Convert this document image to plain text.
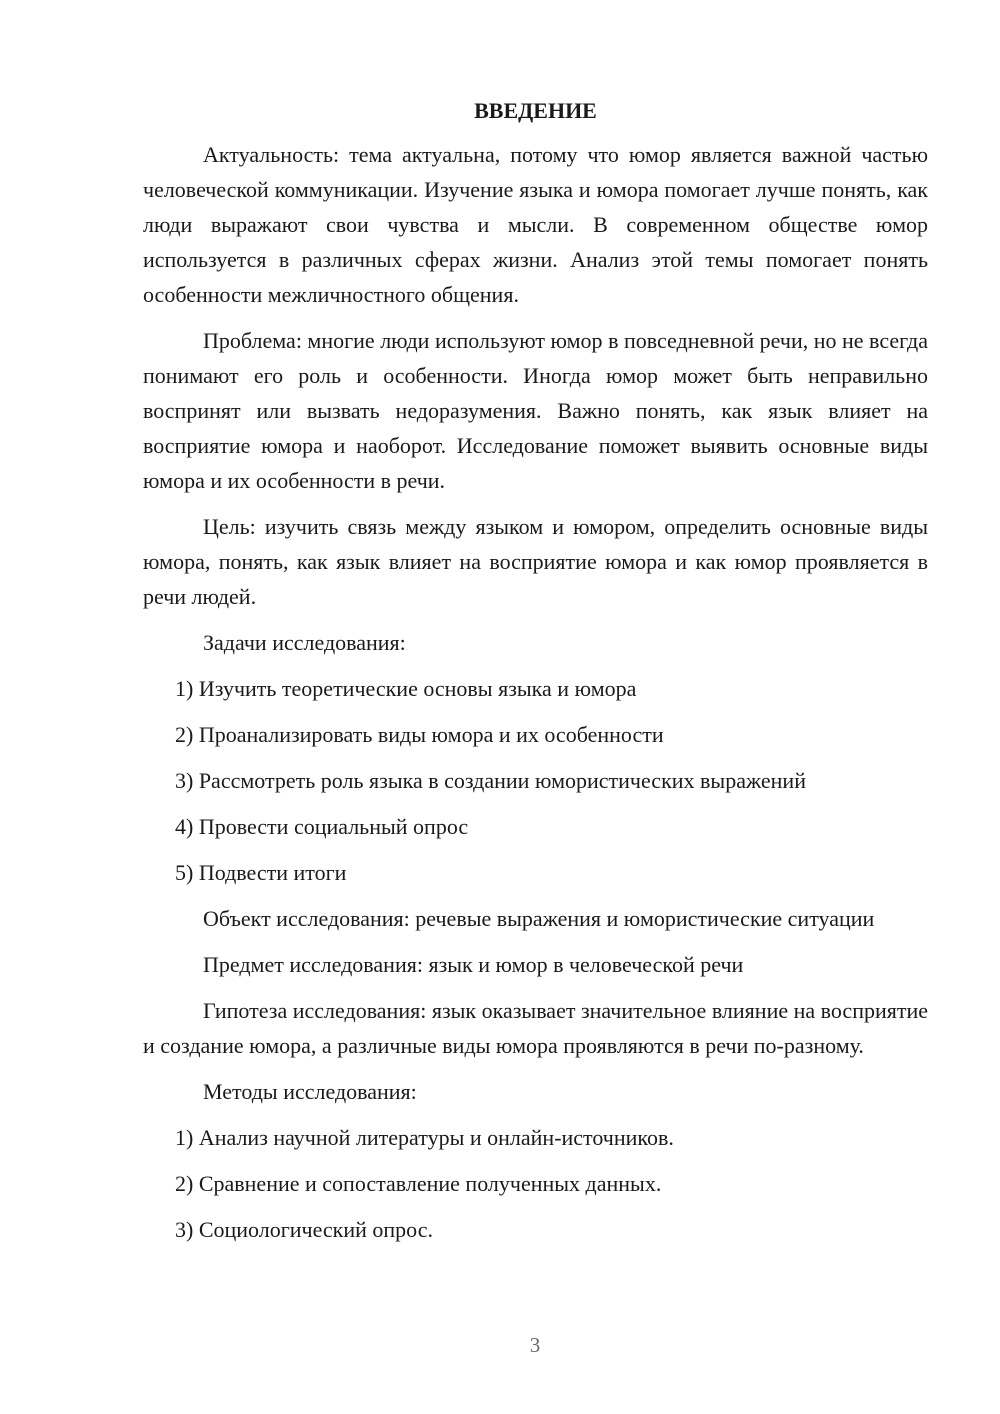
ВВЕДЕНИЕ

Актуальность: тема актуальна, потому что юмор является важной частью человеческой коммуникации. Изучение языка и юмора помогает лучше понять, как люди выражают свои чувства и мысли. В современном обществе юмор используется в различных сферах жизни. Анализ этой темы помогает понять особенности межличностного общения.

Проблема: многие люди используют юмор в повседневной речи, но не всегда понимают его роль и особенности. Иногда юмор может быть неправильно воспринят или вызвать недоразумения. Важно понять, как язык влияет на восприятие юмора и наоборот. Исследование поможет выявить основные виды юмора и их особенности в речи.

Цель: изучить связь между языком и юмором, определить основные виды юмора, понять, как язык влияет на восприятие юмора и как юмор проявляется в речи людей.

Задачи исследования:
1) Изучить теоретические основы языка и юмора
2) Проанализировать виды юмора и их особенности
3) Рассмотреть роль языка в создании юмористических выражений
4) Провести социальный опрос
5) Подвести итоги

Объект исследования: речевые выражения и юмористические ситуации

Предмет исследования: язык и юмор в человеческой речи

Гипотеза исследования: язык оказывает значительное влияние на восприятие и создание юмора, а различные виды юмора проявляются в речи по-разному.

Методы исследования:
1) Анализ научной литературы и онлайн-источников.
2) Сравнение и сопоставление полученных данных.
3) Социологический опрос.
3
